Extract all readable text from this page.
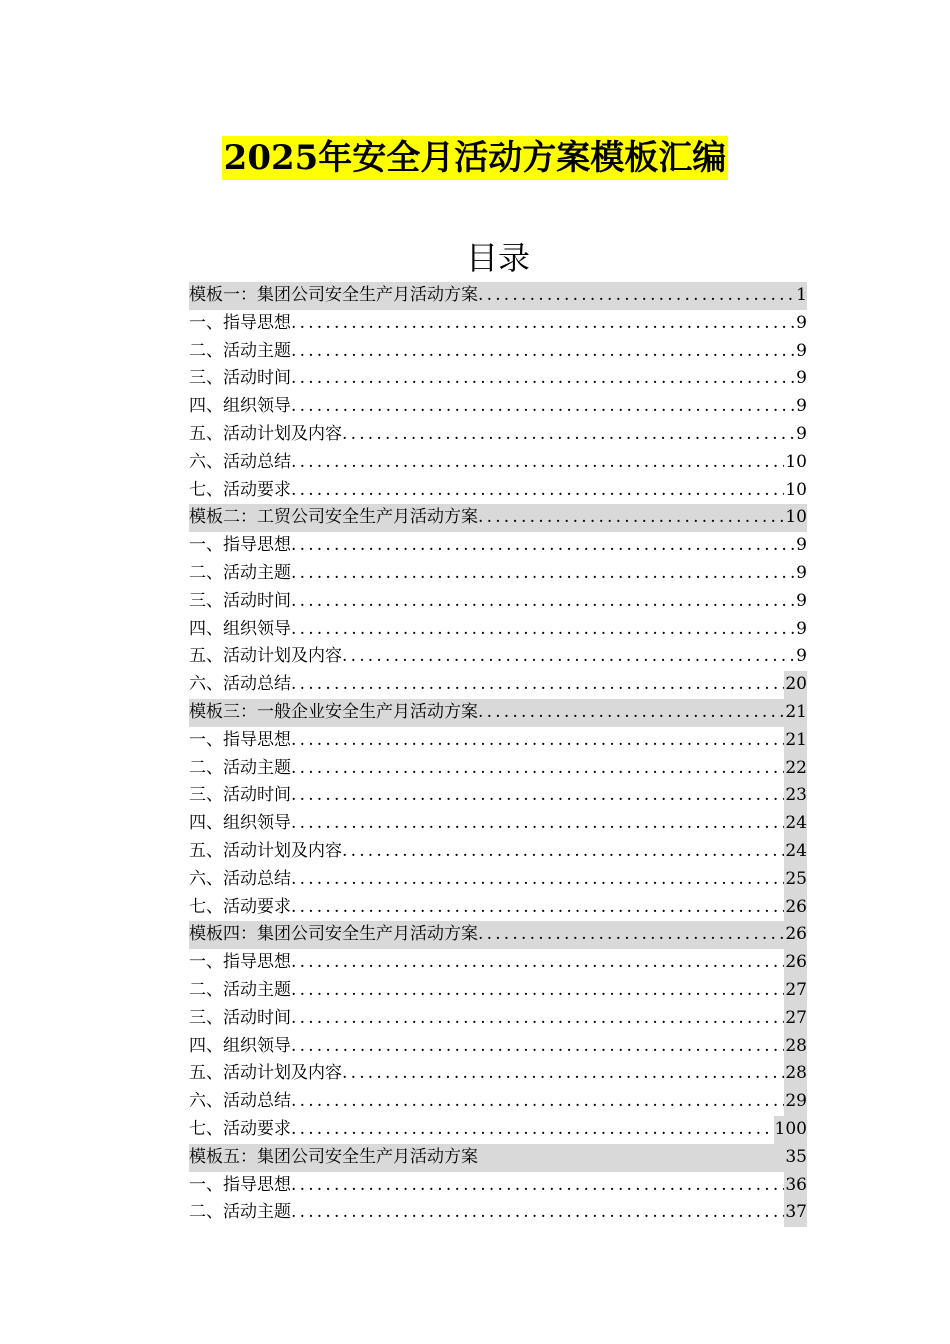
2025年安全月活动方案模板汇编
目录
模板一：集团公司安全生产月活动方案 .....	1
一、指导思想 .....	9
二、活动主题 .....	9
三、活动时间 .....	9
四、组织领导 .....	9
五、活动计划及内容 .....	9
六、活动总结 .....	10
七、活动要求 .....	10
模板二：工贸公司安全生产月活动方案 .....	10
一、指导思想 .....	9
二、活动主题 .....	9
三、活动时间 .....	9
四、组织领导 .....	9
五、活动计划及内容 .....	9
六、活动总结 .....	20
模板三：一般企业安全生产月活动方案 .....	21
一、指导思想 .....	21
二、活动主题 .....	22
三、活动时间 .....	23
四、组织领导 .....	24
五、活动计划及内容 .....	24
六、活动总结 .....	25
七、活动要求 .....	26
模板四：集团公司安全生产月活动方案 .....	26
一、指导思想 .....	26
二、活动主题 .....	27
三、活动时间 .....	27
四、组织领导 .....	28
五、活动计划及内容 .....	28
六、活动总结 .....	29
七、活动要求 .....	100
模板五：集团公司安全生产月活动方案	35
一、指导思想 .....	36
二、活动主题 .....	37
